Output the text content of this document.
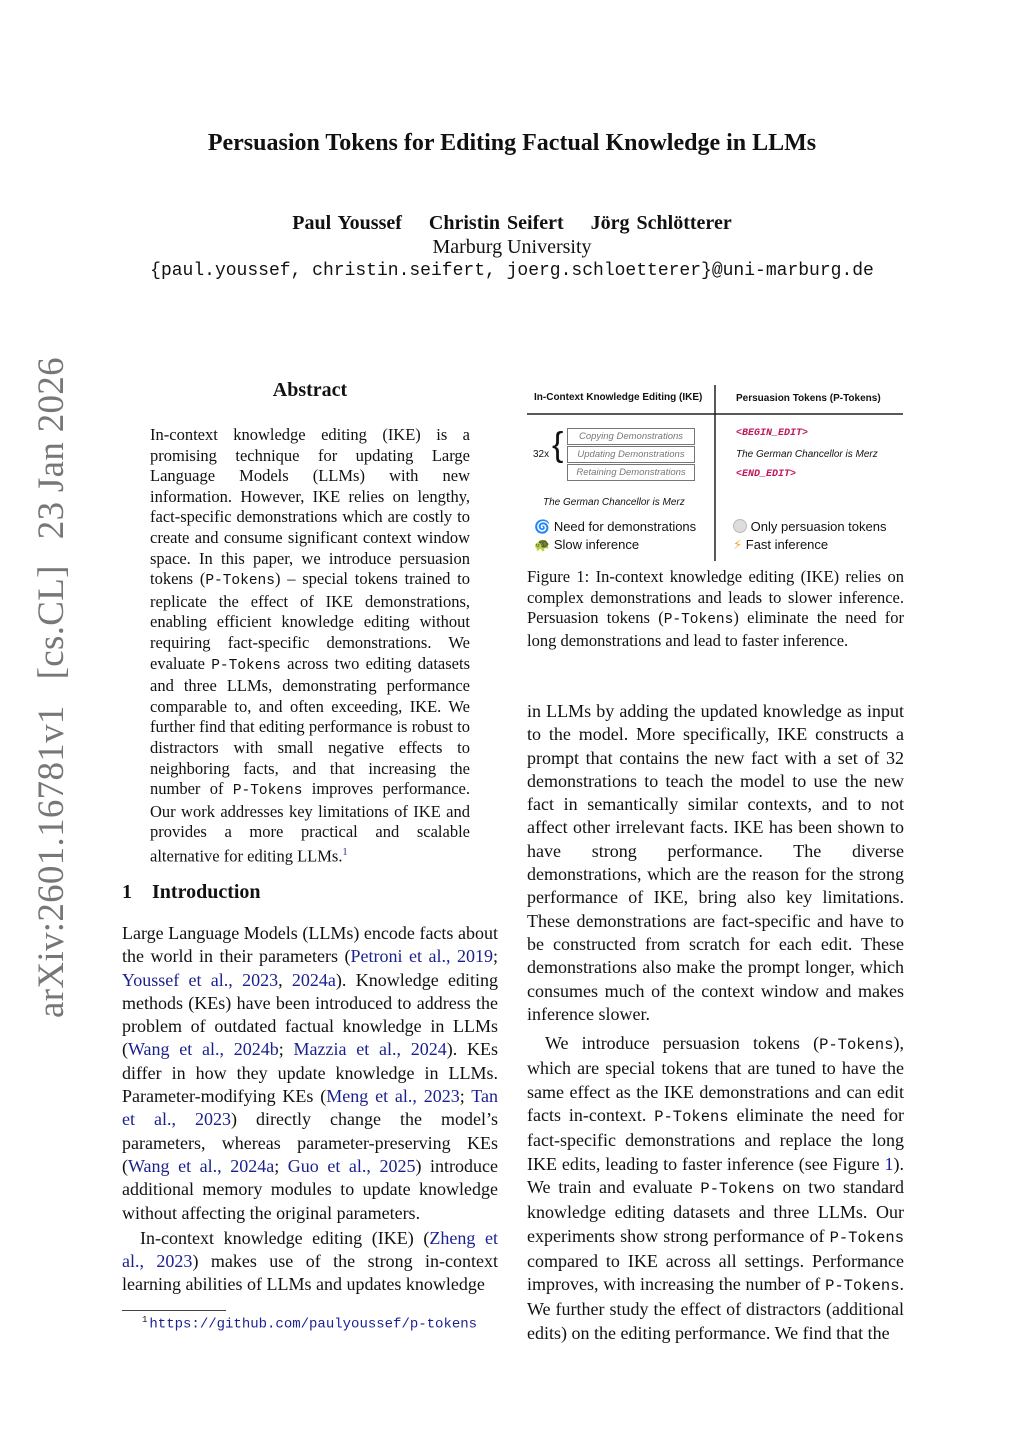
arXiv:2601.16781v1[cs.CL]23 Jan 2026
Persuasion Tokens for Editing Factual Knowledge in LLMs
Paul Youssef Christin Seifert Jörg Schlötterer
Marburg University
{paul.youssef, christin.seifert, joerg.schloetterer}@uni-marburg.de
Abstract
In-context knowledge editing (IKE) is a promising technique for updating Large Language Models (LLMs) with new information. However, IKE relies on lengthy, fact-specific demonstrations which are costly to create and consume significant context window space. In this paper, we introduce persuasion tokens (P-Tokens) – special tokens trained to replicate the effect of IKE demonstrations, enabling efficient knowledge editing without requiring fact-specific demonstrations. We evaluate P-Tokens across two editing datasets and three LLMs, demonstrating performance comparable to, and often exceeding, IKE. We further find that editing performance is robust to distractors with small negative effects to neighboring facts, and that increasing the number of P-Tokens improves performance. Our work addresses key limitations of IKE and provides a more practical and scalable alternative for editing LLMs.$^1$
1 Introduction

Large Language Models (LLMs) encode facts about the world in their parameters (Petroni et al., 2019; Youssef et al., 2023, 2024a). Knowledge editing methods (KEs) have been introduced to address the problem of outdated factual knowledge in LLMs (Wang et al., 2024b; Mazzia et al., 2024). KEs differ in how they update knowledge in LLMs. Parameter-modifying KEs (Meng et al., 2023; Tan et al., 2023) directly change the model’s parameters, whereas parameter-preserving KEs (Wang et al., 2024a; Guo et al., 2025) introduce additional memory modules to update knowledge without affecting the original parameters.

In-context knowledge editing (IKE) (Zheng et al., 2023) makes use of the strong in-context learning abilities of LLMs and updates knowledge

$^1$ https://github.com/paulyoussef/p-tokens
In-Context Knowledge Editing (IKE)	Persuasion Tokens (P-Tokens)
32x {	Copying Demonstrations
Updating Demonstrations
Retaining Demonstrations
The German Chancellor is Merz
<BEGIN_EDIT>
The German Chancellor is Merz
<END_EDIT>
🌀 Need for demonstrations
🐢 Slow inference
Only persuasion tokens
⚡ Fast inference
Figure 1: In-context knowledge editing (IKE) relies on complex demonstrations and leads to slower inference. Persuasion tokens (P-Tokens) eliminate the need for long demonstrations and lead to faster inference.

in LLMs by adding the updated knowledge as input to the model. More specifically, IKE constructs a prompt that contains the new fact with a set of 32 demonstrations to teach the model to use the new fact in semantically similar contexts, and to not affect other irrelevant facts. IKE has been shown to have strong performance. The diverse demonstrations, which are the reason for the strong performance of IKE, bring also key limitations. These demonstrations are fact-specific and have to be constructed from scratch for each edit. These demonstrations also make the prompt longer, which consumes much of the context window and makes inference slower.

We introduce persuasion tokens (P-Tokens), which are special tokens that are tuned to have the same effect as the IKE demonstrations and can edit facts in-context. P-Tokens eliminate the need for fact-specific demonstrations and replace the long IKE edits, leading to faster inference (see Figure 1). We train and evaluate P-Tokens on two standard knowledge editing datasets and three LLMs. Our experiments show strong performance of P-Tokens compared to IKE across all settings. Performance improves, with increasing the number of P-Tokens. We further study the effect of distractors (additional edits) on the editing performance. We find that the
